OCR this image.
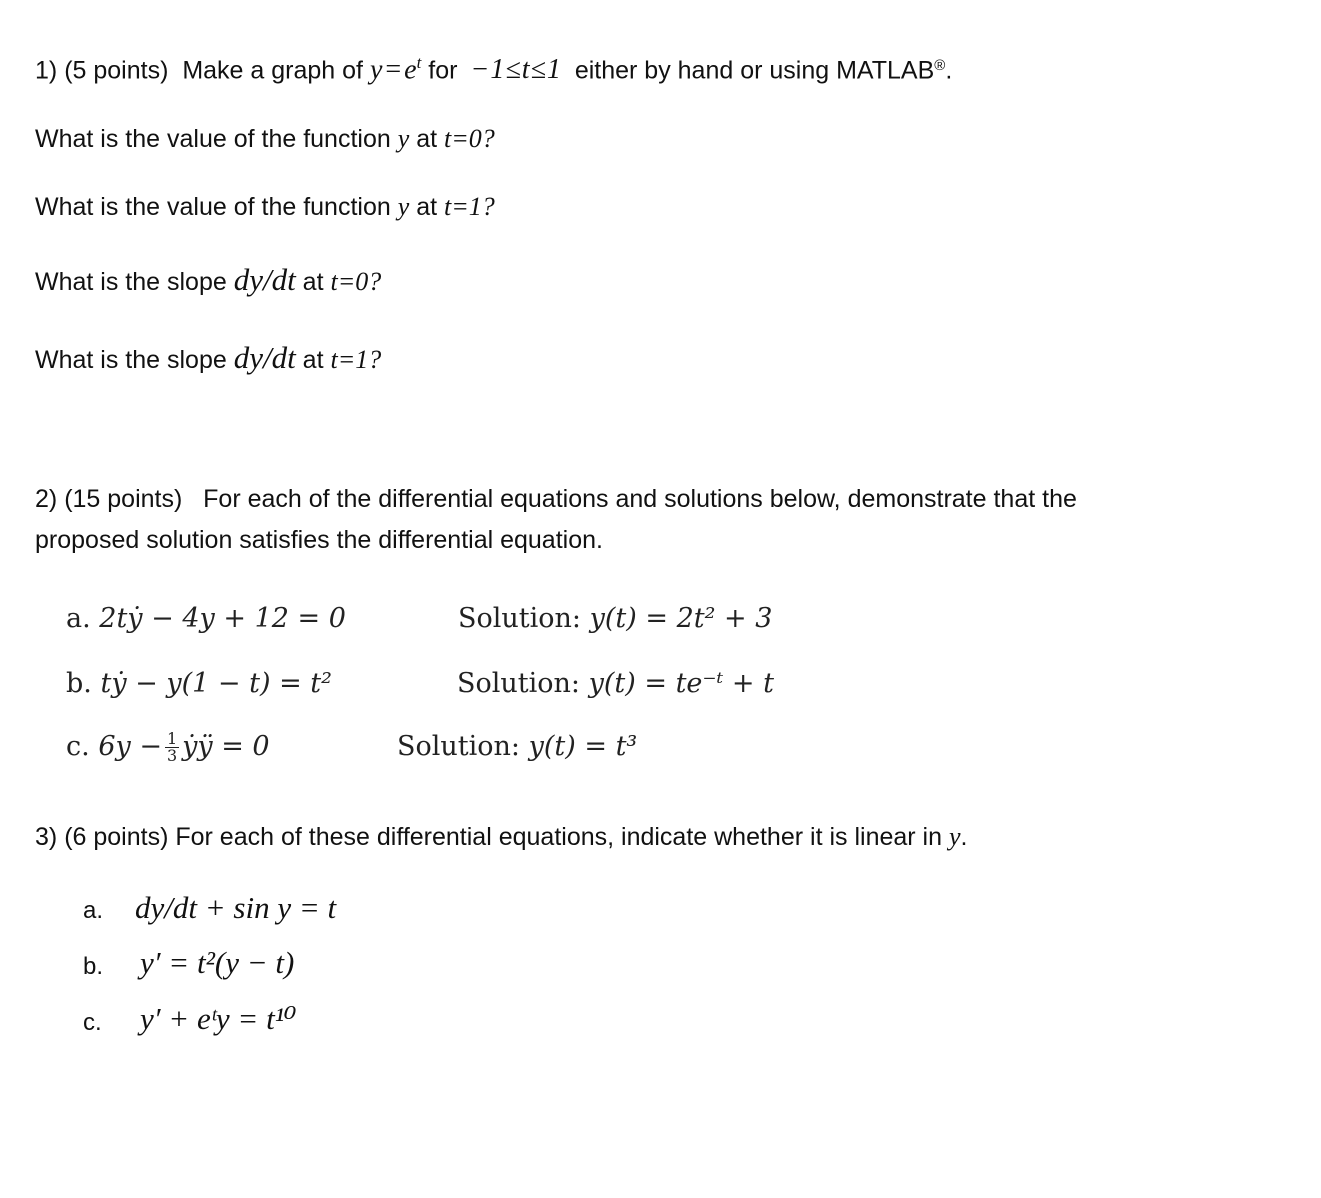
1) (5 points) Make a graph of $y = e^t$ for −1≤t≤1 either by hand or using MATLAB®.
What is the value of the function y at t=0?
What is the value of the function y at t=1?
What is the slope dy/dt at t=0?
What is the slope dy/dt at t=1?
2) (15 points) For each of the differential equations and solutions below, demonstrate that the
proposed solution satisfies the differential equation.
a. 2tẏ − 4y + 12 = 0	Solution: y(t) = 2t² + 3
b. tẏ − y(1 − t) = t²	Solution: y(t) = te⁻ᵗ + t
c. $6y - \frac{1}{3}$ ẏÿ = 0	Solution: y(t) = t³
3) (6 points) For each of these differential equations, indicate whether it is linear in y.
a. dy/dt + sin y = t
b. y′ = t²(y − t)
c. y′ + eᵗy = t¹⁰
